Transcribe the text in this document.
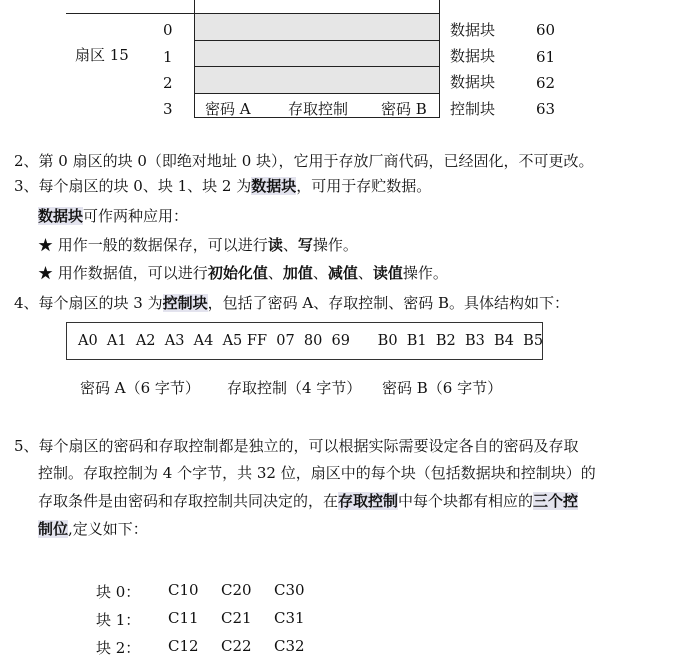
密码 A 存取控制 密码 B
扇区 15
0
1
2
3
数据块
数据块
数据块
控制块
60
61
62
63
2、第 0 扇区的块 0（即绝对地址 0 块），它用于存放厂商代码，已经固化，不可更改。
3、每个扇区的块 0、块 1、块 2 为数据块，可用于存贮数据。
数据块可作两种应用：
★ 用作一般的数据保存，可以进行读、写操作。
★ 用作数据值，可以进行初始化值、加值、减值、读值操作。
4、每个扇区的块 3 为控制块，包括了密码 A、存取控制、密码 B。具体结构如下：
A0  A1  A2  A3  A4  A5 FF  07  80  69      B0  B1  B2  B3  B4  B5
密码 A（6 字节） 存取控制（4 字节） 密码 B（6 字节）
5、每个扇区的密码和存取控制都是独立的，可以根据实际需要设定各自的密码及存取
控制。存取控制为 4 个字节，共 32 位，扇区中的每个块（包括数据块和控制块）的
存取条件是由密码和存取控制共同决定的，在存取控制中每个块都有相应的三个控
制位,定义如下：
块 0： C10 C20 C30
块 1： C11 C21 C31
块 2： C12 C22 C32
